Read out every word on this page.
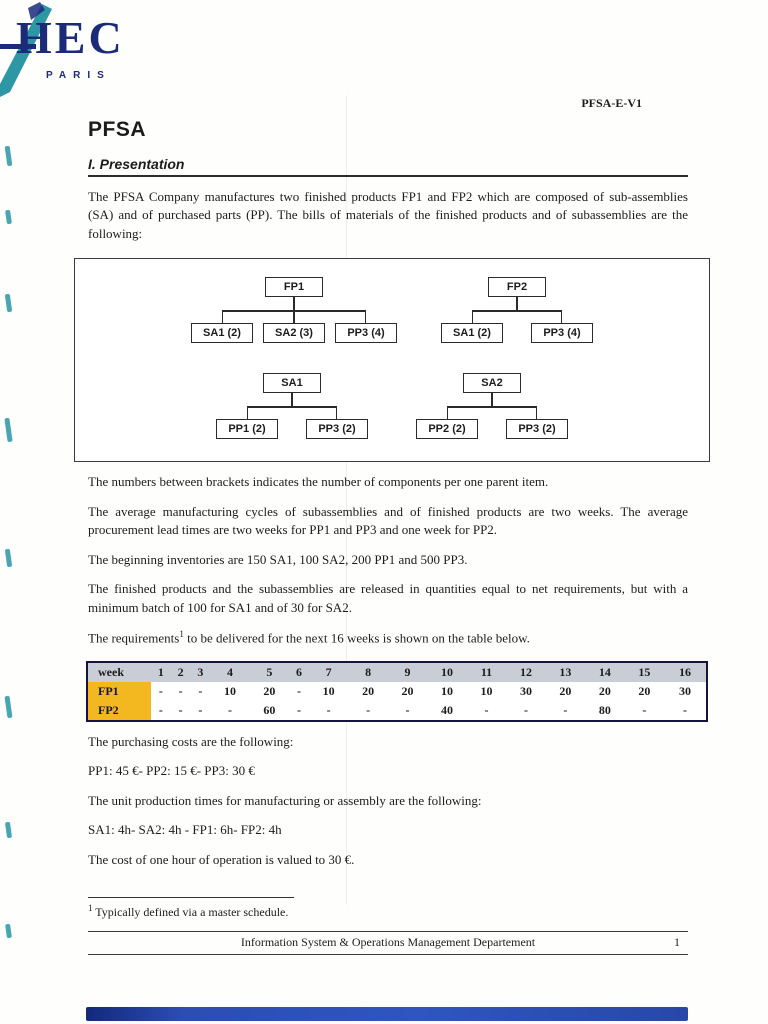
HEC
PARIS
PFSA-E-V1
PFSA
I. Presentation

The PFSA Company manufactures two finished products FP1 and FP2 which are composed of sub-assemblies (SA) and of purchased parts (PP). The bills of materials of the finished products and of subassemblies are the following:

FP1
SA1 (2)	SA2 (3)	PP3 (4)
FP2
SA1 (2)	PP3 (4)
SA1
PP1 (2)	PP3 (2)
SA2
PP2 (2)	PP3 (2)

The numbers between brackets indicates the number of components per one parent item.

The average manufacturing cycles of subassemblies and of finished products are two weeks. The average procurement lead times are two weeks for PP1 and PP3 and one week for PP2.

The beginning inventories are 150 SA1, 100 SA2, 200 PP1 and 500 PP3.

The finished products and the subassemblies are released in quantities equal to net requirements, but with a minimum batch of 100 for SA1 and of 30 for SA2.

The requirements$^1$ to be delivered for the next 16 weeks is shown on the table below.

week	1	2	3	4	5	6	7	8	9	10	11	12	13	14	15	16
FP1	-	-	-	10	20	-	10	20	20	10	10	30	20	20	20	30
FP2	-	-	-	-	60	-	-	-	-	40	-	-	-	80	-	-

The purchasing costs are the following:

PP1: 45 €- PP2: 15 €- PP3: 30 €

The unit production times for manufacturing or assembly are the following:

SA1: 4h- SA2: 4h - FP1: 6h- FP2: 4h

The cost of one hour of operation is valued to 30 €.

$^1$ Typically defined via a master schedule.
Information System & Operations Management Departement	1
